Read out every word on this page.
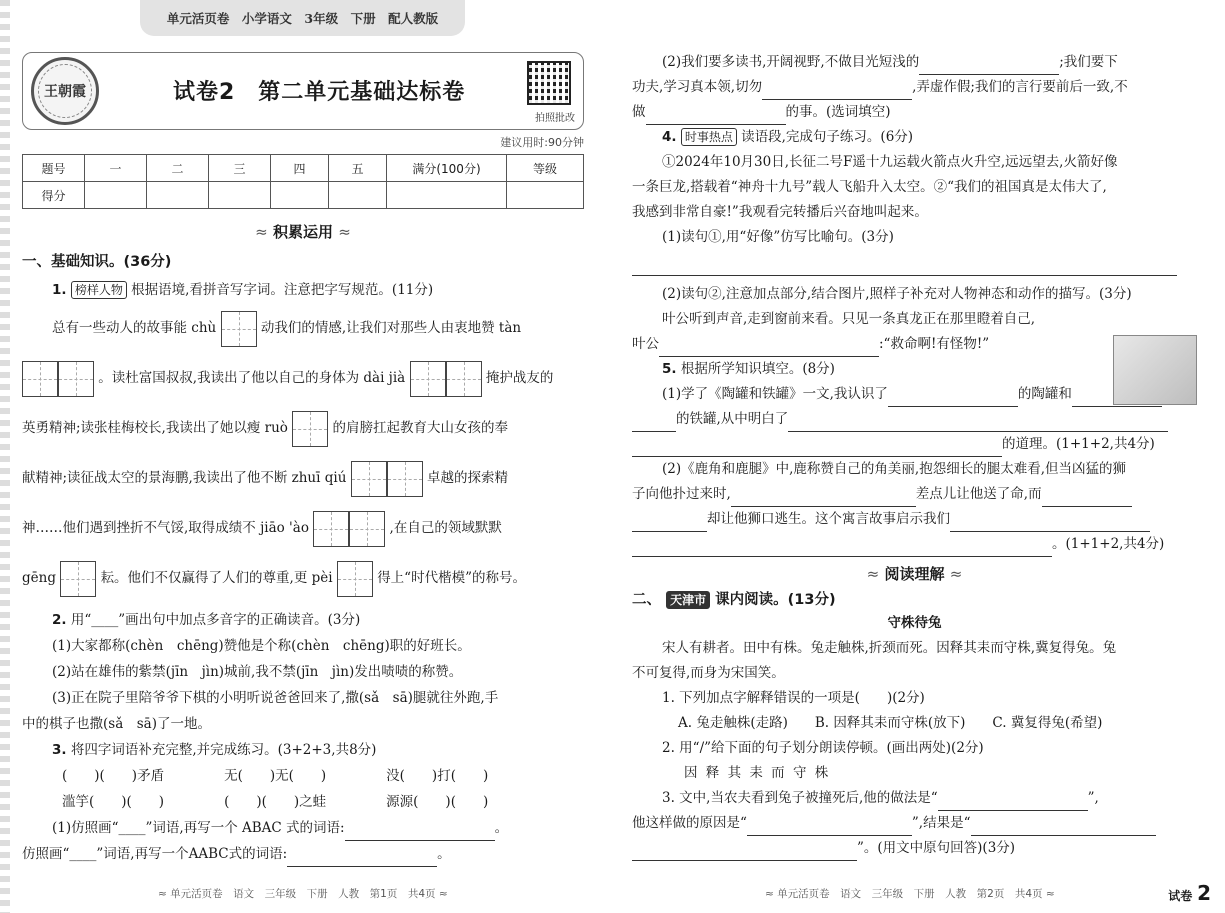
单元活页卷　小学语文　3年级　下册　配人教版
王朝霞	试卷2　第二单元基础达标卷
拍照批改
建议用时:90分钟
题号	一	二	三	四	五	满分(100分)	等级
得分							
≈ 积累运用 ≈
一、基础知识。(36分)
1. 榜样人物 根据语境,看拼音写字词。注意把字写规范。(11分)
总有一些动人的故事能 chù	动我们的情感,让我们对那些人由衷地赞 tàn
。读杜富国叔叔,我读出了他以自己的身体为 dài jià	掩护战友的
英勇精神;读张桂梅校长,我读出了她以瘦 ruò	的肩膀扛起教育大山女孩的奉
献精神;读征战太空的景海鹏,我读出了他不断 zhuī qiú	卓越的探索精
神……他们遇到挫折不气馁,取得成绩不 jiāo 'ào	,在自己的领域默默
gēng	耘。他们不仅赢得了人们的尊重,更 pèi	得上“时代楷模”的称号。
2. 用“____”画出句中加点多音字的正确读音。(3分)
(1)大家都称(chèn　chēng)赞他是个称(chèn　chēng)职的好班长。
(2)站在雄伟的紫禁(jīn　jìn)城前,我不禁(jīn　jìn)发出啧啧的称赞。
(3)正在院子里陪爷爷下棋的小明听说爸爸回来了,撒(sǎ　sā)腿就往外跑,手
中的棋子也撒(sǎ　sā)了一地。
3. 将四字词语补充完整,并完成练习。(3+2+3,共8分)
(　　)(　　)矛盾	无(　　)无(　　)	没(　　)打(　　)
滥竽(　　)(　　)	(　　)(　　)之蛙	源源(　　)(　　)
(1)仿照画“____”词语,再写一个 ABAC 式的词语:	。
仿照画“____”词语,再写一个AABC式的词语:	。
≈ 单元活页卷　语文　三年级　下册　人教　第1页　共4页 ≈
(2)我们要多读书,开阔视野,不做目光短浅的	;我们要下
功夫,学习真本领,切勿	,弄虚作假;我们的言行要前后一致,不
做	的事。(选词填空)
4. 时事热点 读语段,完成句子练习。(6分)
①2024年10月30日,长征二号F遥十九运载火箭点火升空,远远望去,火箭好像
一条巨龙,搭载着“神舟十九号”载人飞船升入太空。②“我们的祖国真是太伟大了,
我感到非常自豪!”我观看完转播后兴奋地叫起来。
(1)读句①,用“好像”仿写比喻句。(3分)
(2)读句②,注意加点部分,结合图片,照样子补充对人物神态和动作的描写。(3分)
叶公听到声音,走到窗前来看。只见一条真龙正在那里瞪着自己,
叶公	:“救命啊!有怪物!”
5. 根据所学知识填空。(8分)
(1)学了《陶罐和铁罐》一文,我认识了	的陶罐和
的铁罐,从中明白了
的道理。(1+1+2,共4分)
(2)《鹿角和鹿腿》中,鹿称赞自己的角美丽,抱怨细长的腿太难看,但当凶猛的狮
子向他扑过来时,	差点儿让他送了命,而
却让他狮口逃生。这个寓言故事启示我们
。(1+1+2,共4分)
≈ 阅读理解 ≈
二、 天津市 课内阅读。(13分)
守株待兔
宋人有耕者。田中有株。兔走触株,折颈而死。因释其耒而守株,冀复得兔。兔
不可复得,而身为宋国笑。
1. 下列加点字解释错误的一项是(　　)(2分)
A. 兔走触株(走路)　　B. 因释其耒而守株(放下)　　C. 冀复得兔(希望)
2. 用“/”给下面的句子划分朗读停顿。(画出两处)(2分)
因 释 其 耒 而 守 株
3. 文中,当农夫看到兔子被撞死后,他的做法是“	”,
他这样做的原因是“	”,结果是“
”。(用文中原句回答)(3分)
≈ 单元活页卷　语文　三年级　下册　人教　第2页　共4页 ≈	试卷 2
